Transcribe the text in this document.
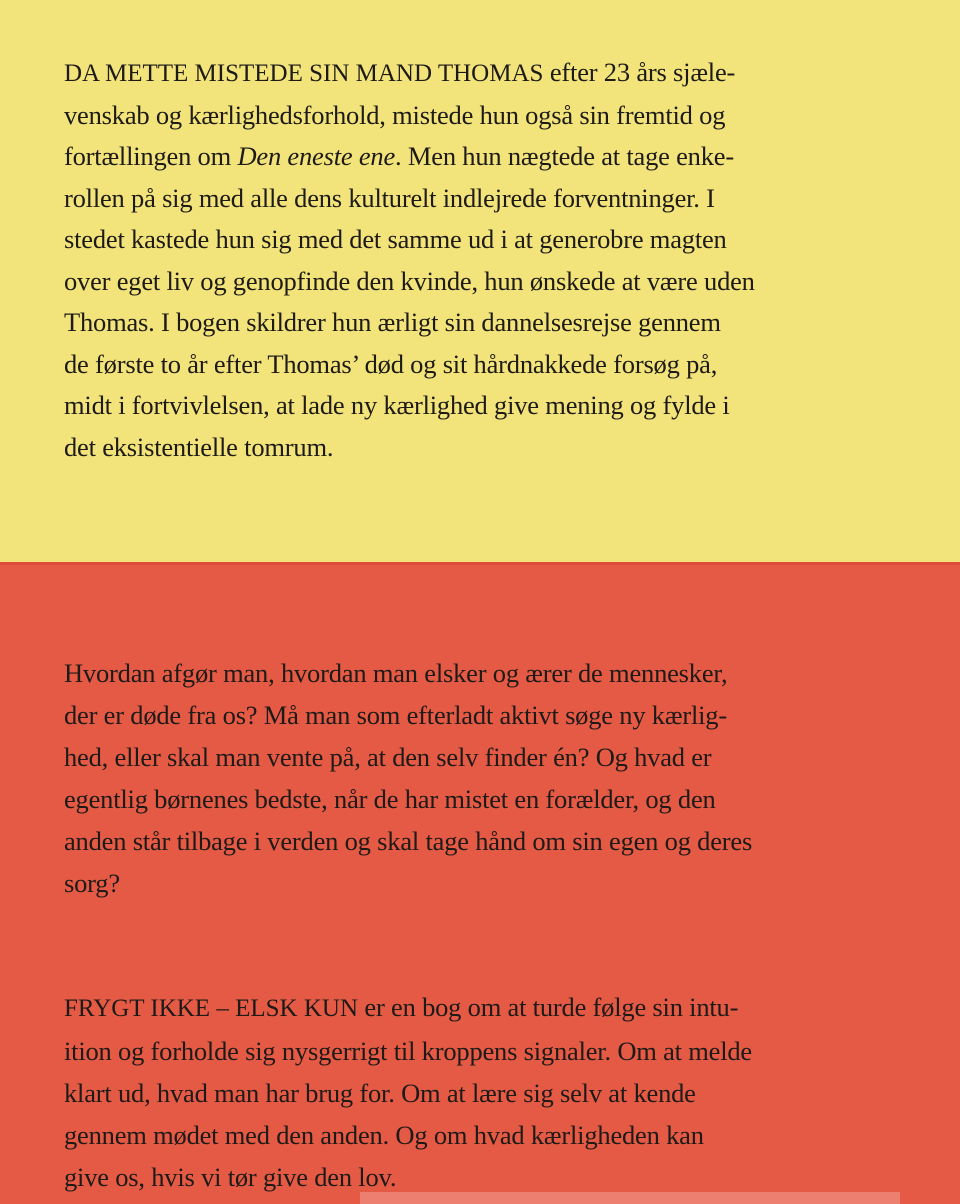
DA METTE MISTEDE SIN MAND THOMAS efter 23 års sjæle-
venskab og kærlighedsforhold, mistede hun også sin fremtid og
fortællingen om Den eneste ene. Men hun nægtede at tage enke-
rollen på sig med alle dens kulturelt indlejrede forventninger. I
stedet kastede hun sig med det samme ud i at generobre magten
over eget liv og genopfinde den kvinde, hun ønskede at være uden
Thomas. I bogen skildrer hun ærligt sin dannelsesrejse gennem
de første to år efter Thomas’ død og sit hårdnakkede forsøg på,
midt i fortvivlelsen, at lade ny kærlighed give mening og fylde i
det eksistentielle tomrum.

Hvordan afgør man, hvordan man elsker og ærer de mennesker,
der er døde fra os? Må man som efterladt aktivt søge ny kærlig-
hed, eller skal man vente på, at den selv finder én? Og hvad er
egentlig børnenes bedste, når de har mistet en forælder, og den
anden står tilbage i verden og skal tage hånd om sin egen og deres
sorg?

FRYGT IKKE – ELSK KUN er en bog om at turde følge sin intu-
ition og forholde sig nysgerrigt til kroppens signaler. Om at melde
klart ud, hvad man har brug for. Om at lære sig selv at kende
gennem mødet med den anden. Og om hvad kærligheden kan
give os, hvis vi tør give den lov.
